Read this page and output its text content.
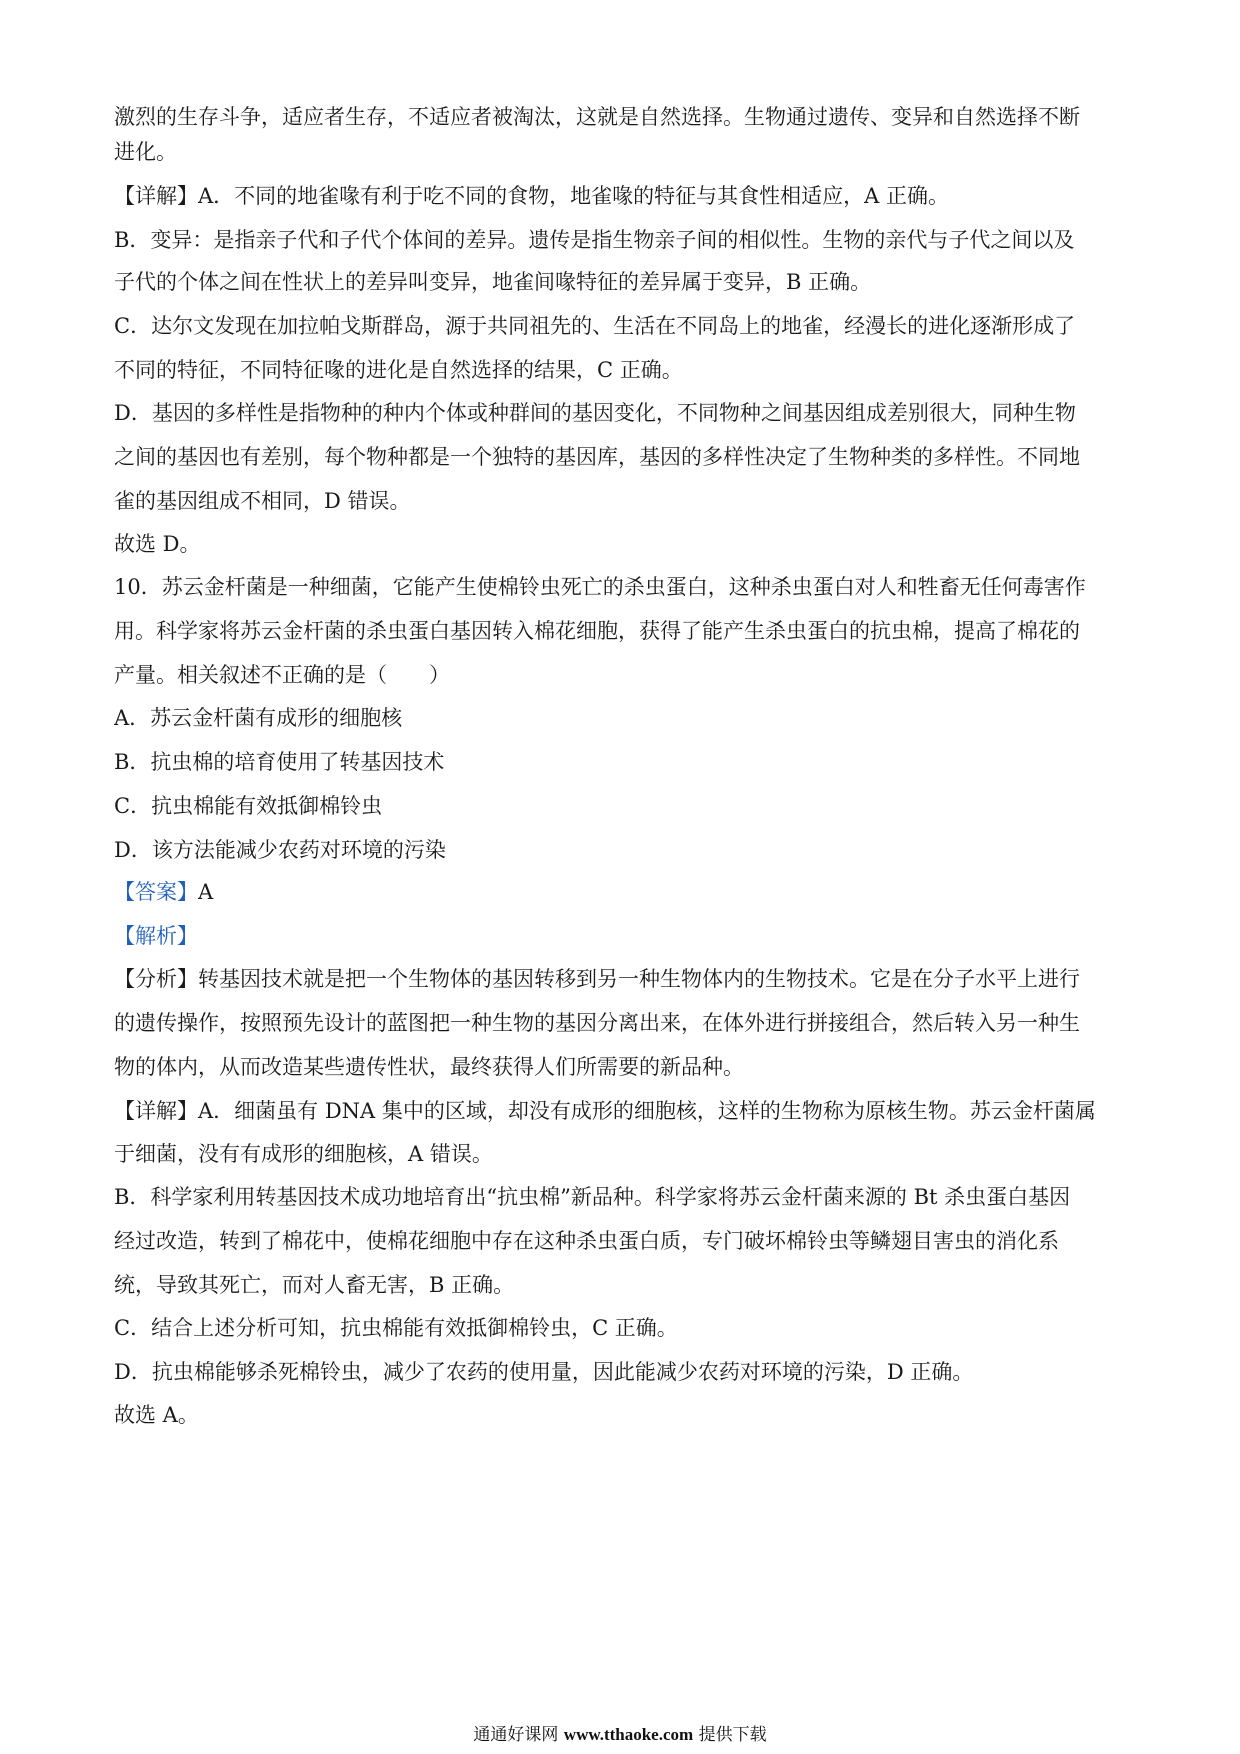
激烈的生存斗争，适应者生存，不适应者被淘汰，这就是自然选择。生物通过遗传、变异和自然选择不断
进化。
【详解】A．不同的地雀喙有利于吃不同的食物，地雀喙的特征与其食性相适应，A 正确。
B．变异：是指亲子代和子代个体间的差异。遗传是指生物亲子间的相似性。生物的亲代与子代之间以及
子代的个体之间在性状上的差异叫变异，地雀间喙特征的差异属于变异，B 正确。
C．达尔文发现在加拉帕戈斯群岛，源于共同祖先的、生活在不同岛上的地雀，经漫长的进化逐渐形成了
不同的特征，不同特征喙的进化是自然选择的结果，C 正确。
D．基因的多样性是指物种的种内个体或种群间的基因变化，不同物种之间基因组成差别很大，同种生物
之间的基因也有差别，每个物种都是一个独特的基因库，基因的多样性决定了生物种类的多样性。不同地
雀的基因组成不相同，D 错误。
故选 D。
10．苏云金杆菌是一种细菌，它能产生使棉铃虫死亡的杀虫蛋白，这种杀虫蛋白对人和牲畜无任何毒害作
用。科学家将苏云金杆菌的杀虫蛋白基因转入棉花细胞，获得了能产生杀虫蛋白的抗虫棉，提高了棉花的
产量。相关叙述不正确的是（　　）
A．苏云金杆菌有成形的细胞核
B．抗虫棉的培育使用了转基因技术
C．抗虫棉能有效抵御棉铃虫
D．该方法能减少农药对环境的污染
【答案】A
【解析】
【分析】转基因技术就是把一个生物体的基因转移到另一种生物体内的生物技术。它是在分子水平上进行
的遗传操作，按照预先设计的蓝图把一种生物的基因分离出来，在体外进行拼接组合，然后转入另一种生
物的体内，从而改造某些遗传性状，最终获得人们所需要的新品种。
【详解】A．细菌虽有 DNA 集中的区域，却没有成形的细胞核，这样的生物称为原核生物。苏云金杆菌属
于细菌，没有有成形的细胞核，A 错误。
B．科学家利用转基因技术成功地培育出“抗虫棉”新品种。科学家将苏云金杆菌来源的 Bt 杀虫蛋白基因
经过改造，转到了棉花中，使棉花细胞中存在这种杀虫蛋白质，专门破坏棉铃虫等鳞翅目害虫的消化系
统，导致其死亡，而对人畜无害，B 正确。
C．结合上述分析可知，抗虫棉能有效抵御棉铃虫，C 正确。
D．抗虫棉能够杀死棉铃虫，减少了农药的使用量，因此能减少农药对环境的污染，D 正确。
故选 A。
通通好课网 www.tthaoke.com 提供下载
